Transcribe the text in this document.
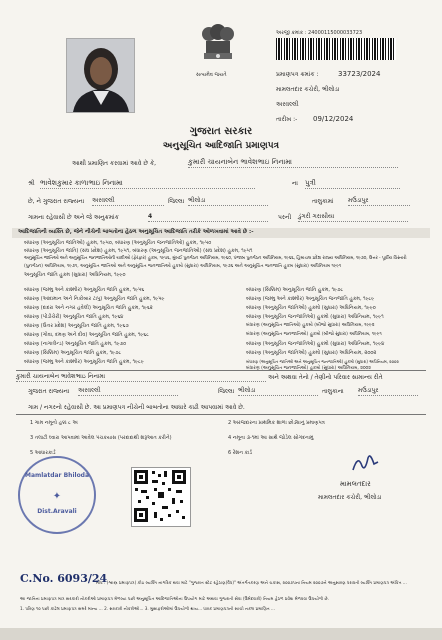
સત્યમેવ જયતે
અરજી ક્રમાંક : 24000115000033723
પ્રમાણપત્ર ક્રમાંક :	33723/2024
મામલતદાર કચેરી, ભીલોડા
અરવલ્લી
તારીખ :- 09/12/2024
ગુજરાત સરકાર
અનુસૂચિત આદિજાતિ પ્રમાણપત્ર
આથી પ્રમાણિત કરવામાં આવે છે કે,	કુમારી ચાયનાબેન ભાવેશભાઇ નિનામા
શ્રી ભાવેશકુમાર કાળાભાઇ નિનામા	ના પુત્રી
છે, ને ગુજરાત રાજ્યના અરવલ્લી	જિલ્લા ભીલોડા	તાલુકામાં મઉડાપુર
ગામના રહેવાસી છે અને જે અનુક્રમાંક	4	પરની ડુંગરી ગરાસીયા
આદિજાતિની વ્યક્તિ છે, જેને નીચેની બાબતોના હેઠળ અનુસૂચિત આદિજાતિ તરીકે ઓળખવામાં આવે છે :-
બંધારણ (અનુસૂચિત જાતિઓ) હુકમ, ૧૯૫૦, બંધારણ (અનુસૂચિત જનજાતિઓ) હુકમ, ૧૯૫૦
બંધારણ (અનુસૂચિત જાતિ) (સંઘ પ્રદેશ) હુકમ, ૧૯૫૧, બંધારણ (અનુસૂચિત જનજાતિઓ) (સંઘ પ્રદેશ) હુકમ, ૧૯૫૧
અનુસૂચિત જાતિઓ અને અનુસૂચિત જનજાતિઓની યાદીઓ (ફેરફાર) હુકમ, ૧૯૫૬, મુંબઈ પુનર્ગઠન અધિનિયમ, ૧૯૬૦, પંજાબ પુનર્ગઠન અધિનિયમ, ૧૯૬૬, હિમાચલ પ્રદેશ રાજ્ય અધિનિયમ, ૧૯૭૦, ઉત્તર - પૂર્વીય વિસ્તારો
(પુનર્ગઠન) અધિનિયમ, ૧૯૭૧, અનુસૂચિત જાતિઓ અને અનુસૂચિત જનજાતિઓ હુકમો (સુધારા) અધિનિયમ, ૧૯૭૬ અને અનુસૂચિત જનજાતિ હુકમ (સુધારા) અધિનિયમ ૧૯૯૧
અનુસૂચિત જાતિ હુકમ (સુધારા) અધિનિયમ, ૧૯૯૦
બંધારણ (જમ્મુ અને કાશ્મીર) અનુસૂચિત જાતિ હુકમ, ૧૯૫૬
બંધારણ (આંદામાન અને નિકોબાર ટાપુ) અનુસૂચિત જાતિ હુકમ, ૧૯૫૯
બંધારણ (દાદરા અને નગર હવેલી) અનુસૂચિત જાતિ હુકમ, ૧૯૬૨
બંધારણ (પોંડીચેરી) અનુસૂચિત જાતિ હુકમ, ૧૯૬૪
બંધારણ (ઉત્તર પ્રદેશ) અનુસૂચિત જાતિ હુકમ, ૧૯૬૭
બંધારણ (ગોવા, દમણ અને દીવ) અનુસૂચિત જાતિ હુકમ, ૧૯૬૮
બંધારણ (નાગાલેન્ડ) અનુસૂચિત જાતિ હુકમ, ૧૯૭૦
બંધારણ (સિક્કિમ) અનુસૂચિત જાતિ હુકમ, ૧૯૭૮
બંધારણ (જમ્મુ અને કાશ્મીર) અનુસૂચિત જાતિ હુકમ, ૧૯૮૯
બંધારણ (સિક્કિમ) અનુસૂચિત જાતિ હુકમ, ૧૯૭૮
બંધારણ (જમ્મુ અને કાશ્મીર) અનુસૂચિત જનજાતિ હુકમ, ૧૯૮૯
બંધારણ (અનુસૂચિત જાતિઓ) હુકમો (સુધારા) અધિનિયમ, ૧૯૯૦
બંધારણ (અનુસૂચિત જનજાતિઓ) હુકમો (સુધારા) અધિનિયમ, ૧૯૯૧
બંધારણ (અનુસૂચિત જાતિઓ) હુકમો (બીજો સુધારા) અધિનિયમ, ૧૯૯૨
બંધારણ (અનુસૂચિત જનજાતિઓ) હુકમો (બીજો સુધારા) અધિનિયમ, ૧૯૯૧
બંધારણ (અનુસૂચિત જનજાતિઓ) હુકમો (સુધારા) અધિનિયમ, ૧૯૯૪
બંધારણ (અનુસૂચિત જાતિઓ) હુકમો (સુધારા) અધિનિયમ, ૨૦૦૨
બંધારણ (અનુસૂચિત જાતિઓ અને અનુસૂચિત જનજાતિઓ) હુકમો (સુધારા) અધિનિયમ, ૨૦૦૨
બંધારણ (અનુસૂચિત જનજાતિઓ) હુકમો (સુધારા) અધિનિયમ, ૨૦૦૨
કુમારી ચાયનાબેન ભાવેશભાઇ નિનામા	અને અથવા તેનો / તેણીનો પરિવાર સામાન્ય રીતે
ગુજરાત રાજ્યના અરવલ્લી	જિલ્લા ભીલોડા	તાલુકાના મઉડાપુર
ગામ / નગરનો રહેવાસી છે. આ પ્રમાણપત્ર નીચેની બાબતોના આધારે કાઢી આપવામાં આવે છે.
1 ગામ નમૂનો હક્ક ૮ અ
3 તલાટી ઘ્વારા આપવામાં આવેલ પંચકયાસ (પરદાદાથી શરૂઆત કરીને)
5 આધારકાર્ડ
2 અરજદારના પ્રાથમિક શાળા છોડ્યાનું પ્રમાણપત્ર
4 નમૂના ૩-૧માં આ સાથે જોડેલ સોગંદનામું
6 રેશન કાર્ડ
Mamlatdar Bhiloda
✦
Dist.Aravali
મામલતદાર
મામલતદાર કચેરી, ભીલોડા
C.No. 6093/24
નોંધ : (શ્વાસ્ત્ર પ્રમાણપત્ર) કોઇ વ્યક્તિ નાગરિક થવા માટે "ગુજરાત સ્ટેટ રહેઠાણ(વૈધ)" અંતર્ગતકરણ અને ચકાસ, ૨૦૦૭૫ના નિયમ ૨૦૦૭ને અનુસારણ ધરાવતી વ્યક્તિ પ્રમાણપત્ર અંકિત ...
આ જાતિના પ્રમાણપત્ર માત્ર સરકારી નોકરીઓ પ્રમાણપત્ર મેળવ્યા પછી અનુસૂચિત આદિજાતિઓના ઉપયોગ માટે અથવા ગુજરાતી સેવા (ઉમેદવારી) નિયમ હેઠળ પ્રવેશ મેળવવા ઉપયોગી છે.
1. પરિણ ૧૦ પછી કાઢેલ પ્રમાણપત્ર સમરે માન્ય ... 2. સરકારી નોકરીઓ... 3. મુસાફરીઓમાં ઉપયોગી થાય... ધારક પ્રમાણપત્રની સાચી નકલ પ્રમાણિત ...
